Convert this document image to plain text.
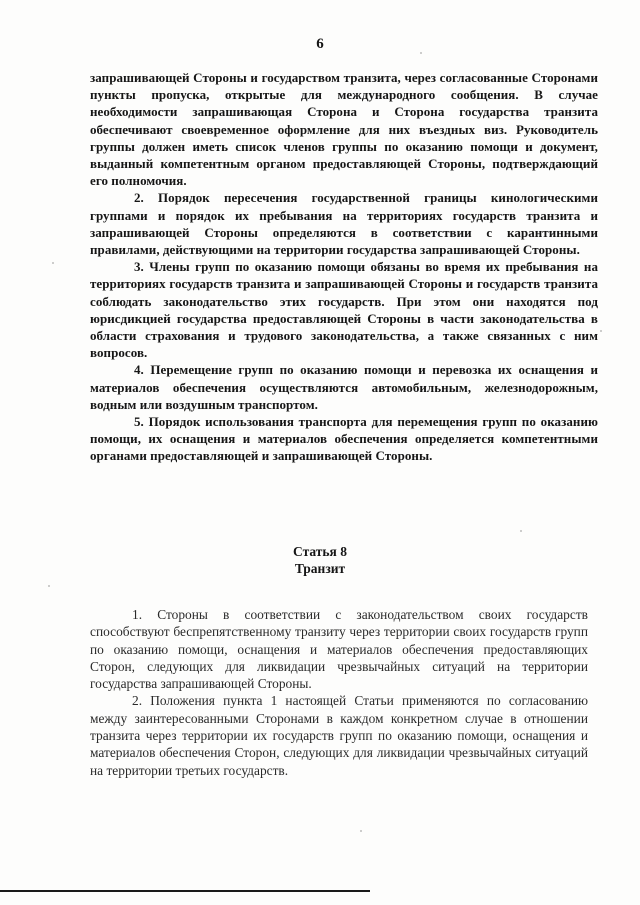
6

запрашивающей Стороны и государством транзита, через согласованные Сторонами пункты пропуска, открытые для международного сообщения. В случае необходимости запрашивающая Сторона и Сторона государства транзита обеспечивают своевременное оформление для них въездных виз. Руководитель группы должен иметь список членов группы по оказанию помощи и документ, выданный компетентным органом предоставляющей Стороны, подтверждающий его полномочия.

2. Порядок пересечения государственной границы кинологическими группами и порядок их пребывания на территориях государств транзита и запрашивающей Стороны определяются в соответствии с карантинными правилами, действующими на территории государства запрашивающей Стороны.

3. Члены групп по оказанию помощи обязаны во время их пребывания на территориях государств транзита и запрашивающей Стороны и государств транзита соблюдать законодательство этих государств. При этом они находятся под юрисдикцией государства предоставляющей Стороны в части законодательства в области страхования и трудового законодательства, а также связанных с ним вопросов.

4. Перемещение групп по оказанию помощи и перевозка их оснащения и материалов обеспечения осуществляются автомобильным, железнодорожным, водным или воздушным транспортом.

5. Порядок использования транспорта для перемещения групп по оказанию помощи, их оснащения и материалов обеспечения определяется компетентными органами предоставляющей и запрашивающей Стороны.

Статья 8
Транзит

1. Стороны в соответствии с законодательством своих государств способствуют беспрепятственному транзиту через территории своих государств групп по оказанию помощи, оснащения и материалов обеспечения предоставляющих Сторон, следующих для ликвидации чрезвычайных ситуаций на территории государства запрашивающей Стороны.

2. Положения пункта 1 настоящей Статьи применяются по согласованию между заинтересованными Сторонами в каждом конкретном случае в отношении транзита через территории их государств групп по оказанию помощи, оснащения и материалов обеспечения Сторон, следующих для ликвидации чрезвычайных ситуаций на территории третьих государств.
